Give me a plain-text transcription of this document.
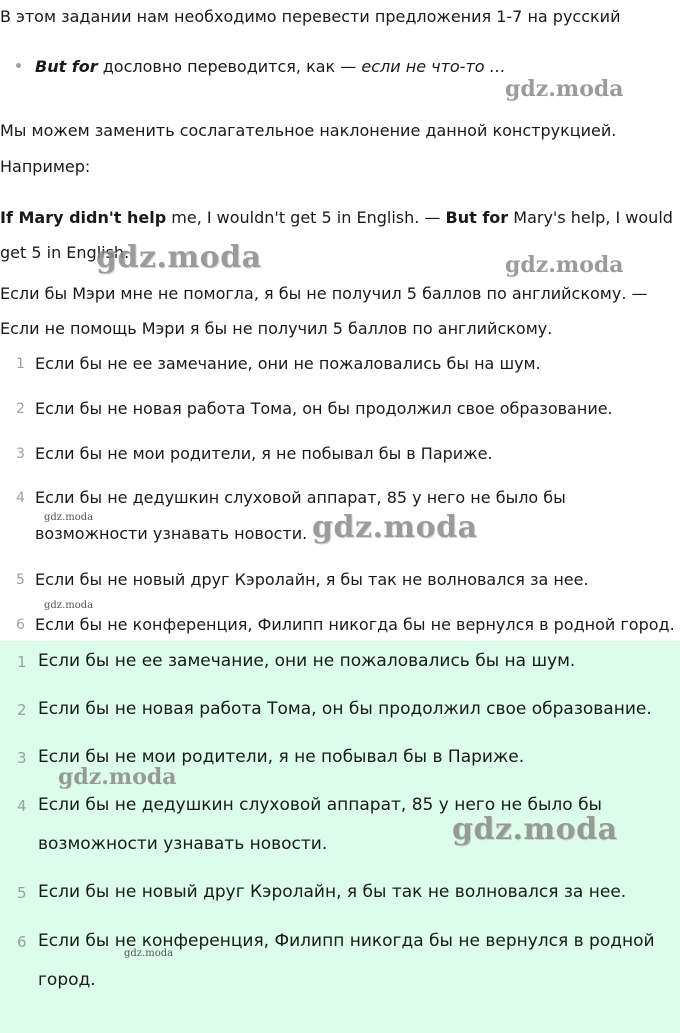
В этом задании нам необходимо перевести предложения 1-7 на русский
But for дословно переводится, как — если не что-то …
gdz.moda
Мы можем заменить сослагательное наклонение данной конструкцией.
Например:
If Mary didn't help me, I wouldn't get 5 in English. — But for Mary's help, I would get 5 in English.
gdz.moda	gdz.moda
Если бы Мэри мне не помогла, я бы не получил 5 баллов по английскому. —
Если не помощь Мэри я бы не получил 5 баллов по английскому.
1 Если бы не ее замечание, они не пожаловались бы на шум.
2 Если бы не новая работа Тома, он бы продолжил свое образование.
3 Если бы не мои родители, я не побывал бы в Париже.
4 Если бы не дедушкин слуховой аппарат, 85 у него не было бы
gdz.moda
возможности узнавать новости. gdz.moda
5 Если бы не новый друг Кэролайн, я бы так не волновался за нее.
gdz.moda
6 Если бы не конференция, Филипп никогда бы не вернулся в родной город.
1 Если бы не ее замечание, они не пожаловались бы на шум.
2 Если бы не новая работа Тома, он бы продолжил свое образование.
3 Если бы не мои родители, я не побывал бы в Париже.
gdz.moda
4 Если бы не дедушкин слуховой аппарат, 85 у него не было бы
возможности узнавать новости.	gdz.moda
5 Если бы не новый друг Кэролайн, я бы так не волновался за нее.
6 Если бы не конференция, Филипп никогда бы не вернулся в родной
gdz.moda
город.
